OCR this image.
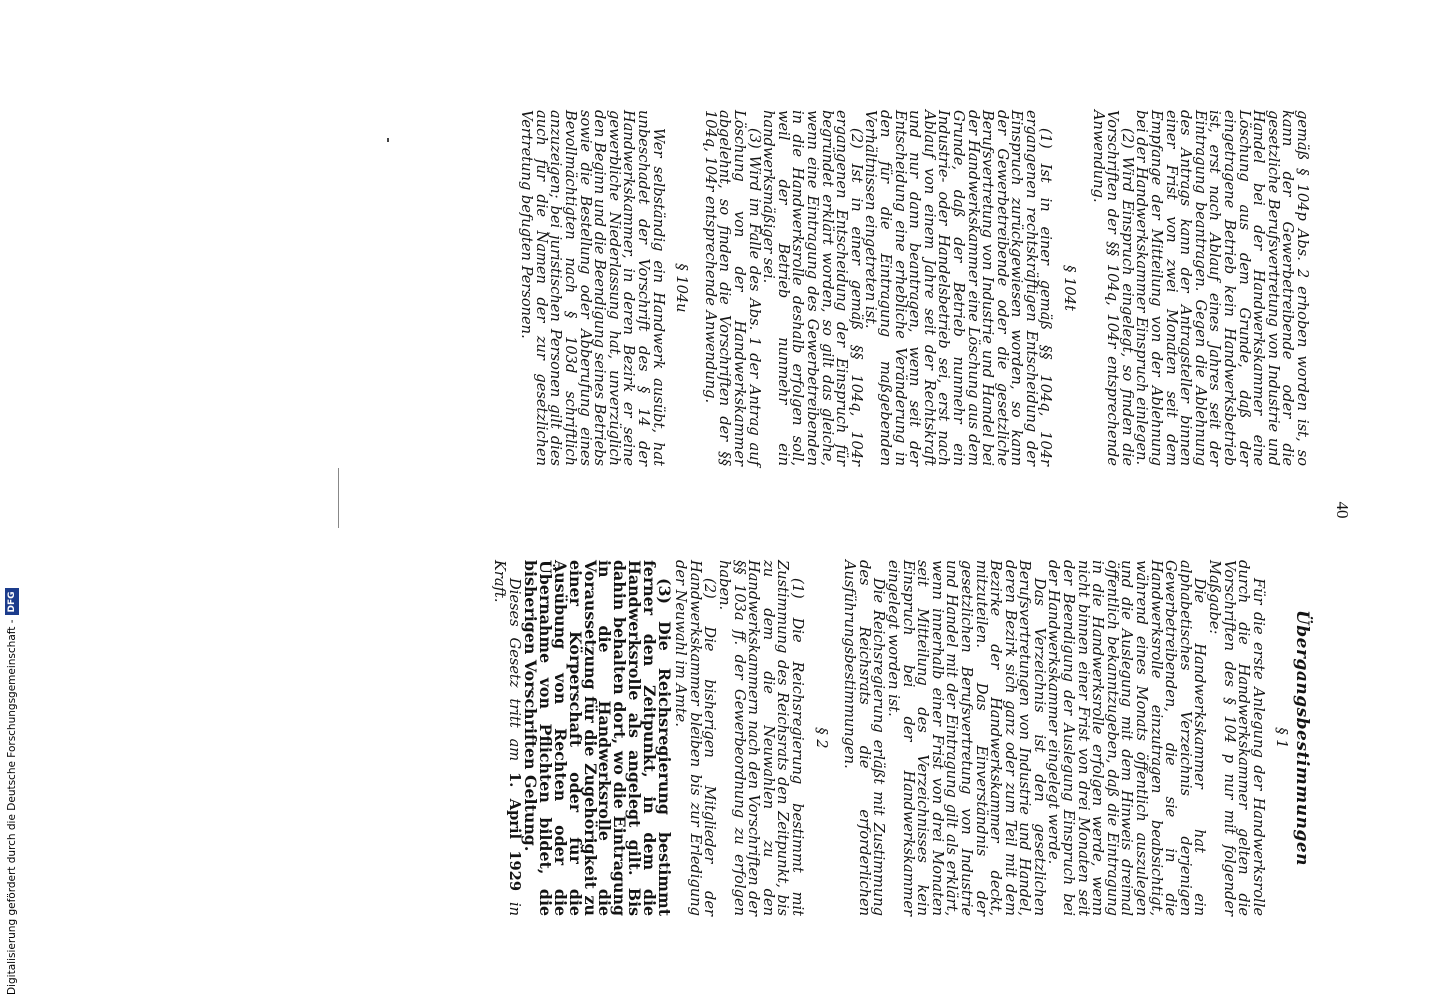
40

gemäß § 104p Abs. 2 erhoben worden ist, so kann der Gewerbetreibende oder die gesetzliche Berufsvertretung von Industrie und Handel bei der Handwerkskammer eine Löschung aus dem Grunde, daß der eingetragene Betrieb kein Handwerksbetrieb ist, erst nach Ablauf eines Jahres seit der Eintragung beantragen. Gegen die Ablehnung des Antrags kann der Antragsteller binnen einer Frist von zwei Monaten seit dem Empfange der Mitteilung von der Ablehnung bei der Handwerkskammer Einspruch einlegen.

(2) Wird Einspruch eingelegt, so finden die Vorschriften der §§ 104q, 104r entsprechende Anwendung.

§ 104t

(1) Ist in einer gemäß §§ 104q, 104r ergangenen rechtskräftigen Entscheidung der Einspruch zurückgewiesen worden, so kann der Gewerbetreibende oder die gesetzliche Berufsvertretung von Industrie und Handel bei der Handwerkskammer eine Löschung aus dem Grunde, daß der Betrieb nunmehr ein Industrie- oder Handelsbetrieb sei, erst nach Ablauf von einem Jahre seit der Rechtskraft und nur dann beantragen, wenn seit der Entscheidung eine erhebliche Veränderung in den für die Eintragung maßgebenden Verhältnissen eingetreten ist.

(2) Ist in einer gemäß §§ 104q, 104r ergangenen Entscheidung der Einspruch für begründet erklärt worden, so gilt das gleiche, wenn eine Eintragung des Gewerbetreibenden in die Handwerksrolle deshalb erfolgen soll, weil der Betrieb nunmehr ein handwerksmäßiger sei.

(3) Wird im Falle des Abs. 1 der Antrag auf Löschung von der Handwerkskammer abgelehnt, so finden die Vorschriften der §§ 104q, 104r entsprechende Anwendung.

§ 104u

Wer selbständig ein Handwerk ausübt, hat unbeschadet der Vorschrift des § 14 der Handwerkskammer, in deren Bezirk er seine gewerbliche Niederlassung hat, unverzüglich den Beginn und die Beendigung seines Betriebs sowie die Bestellung oder Abberufung eines Bevollmächtigten nach § 103d schriftlich anzuzeigen; bei juristischen Personen gilt dies auch für die Namen der zur gesetzlichen Vertretung befugten Personen.

Übergangsbestimmungen
§ 1

Für die erste Anlegung der Handwerksrolle durch die Handwerkskammer gelten die Vorschriften des § 104 p nur mit folgender Maßgabe:

Die Handwerkskammer hat ein alphabetisches Verzeichnis derjenigen Gewerbetreibenden, die sie in die Handwerksrolle einzutragen beabsichtigt, während eines Monats öffentlich auszulegen und die Auslegung mit dem Hinweis dreimal öffentlich bekanntzugeben, daß die Eintragung in die Handwerksrolle erfolgen werde, wenn nicht binnen einer Frist von drei Monaten seit der Beendigung der Auslegung Einspruch bei der Handwerkskammer eingelegt werde.

Das Verzeichnis ist den gesetzlichen Berufsvertretungen von Industrie und Handel, deren Bezirk sich ganz oder zum Teil mit dem Bezirke der Handwerkskammer deckt, mitzuteilen. Das Einverständnis der gesetzlichen Berufsvertretung von Industrie und Handel mit der Eintragung gilt als erklärt, wenn innerhalb einer Frist von drei Monaten seit Mitteilung des Verzeichnisses kein Einspruch bei der Handwerkskammer eingelegt worden ist.

Die Reichsregierung erläßt mit Zustimmung des Reichsrats die erforderlichen Ausführungsbestimmungen.

§ 2

(1) Die Reichsregierung bestimmt mit Zustimmung des Reichsrats den Zeitpunkt, bis zu dem die Neuwahlen zu den Handwerkskammern nach den Vorschriften der §§ 103a ff. der Gewerbeordnung zu erfolgen haben.

(2) Die bisherigen Mitglieder der Handwerkskammer bleiben bis zur Erledigung der Neuwahl im Amte.

(3) Die Reichsregierung bestimmt ferner den Zeitpunkt, in dem die Handwerksrolle als angelegt gilt. Bis dahin behalten dort, wo die Eintragung in die Handwerksrolle die Voraussetzung für die Zugehörigkeit zu einer Körperschaft oder für die Ausübung von Rechten oder die Übernahme von Pflichten bildet, die bisherigen Vorschriften Geltung.

Dieses Gesetz tritt am 1. April 1929 in Kraft.

Digitalisierung gefördert durch die Deutsche Forschungsgemeinschaft -
DFG
